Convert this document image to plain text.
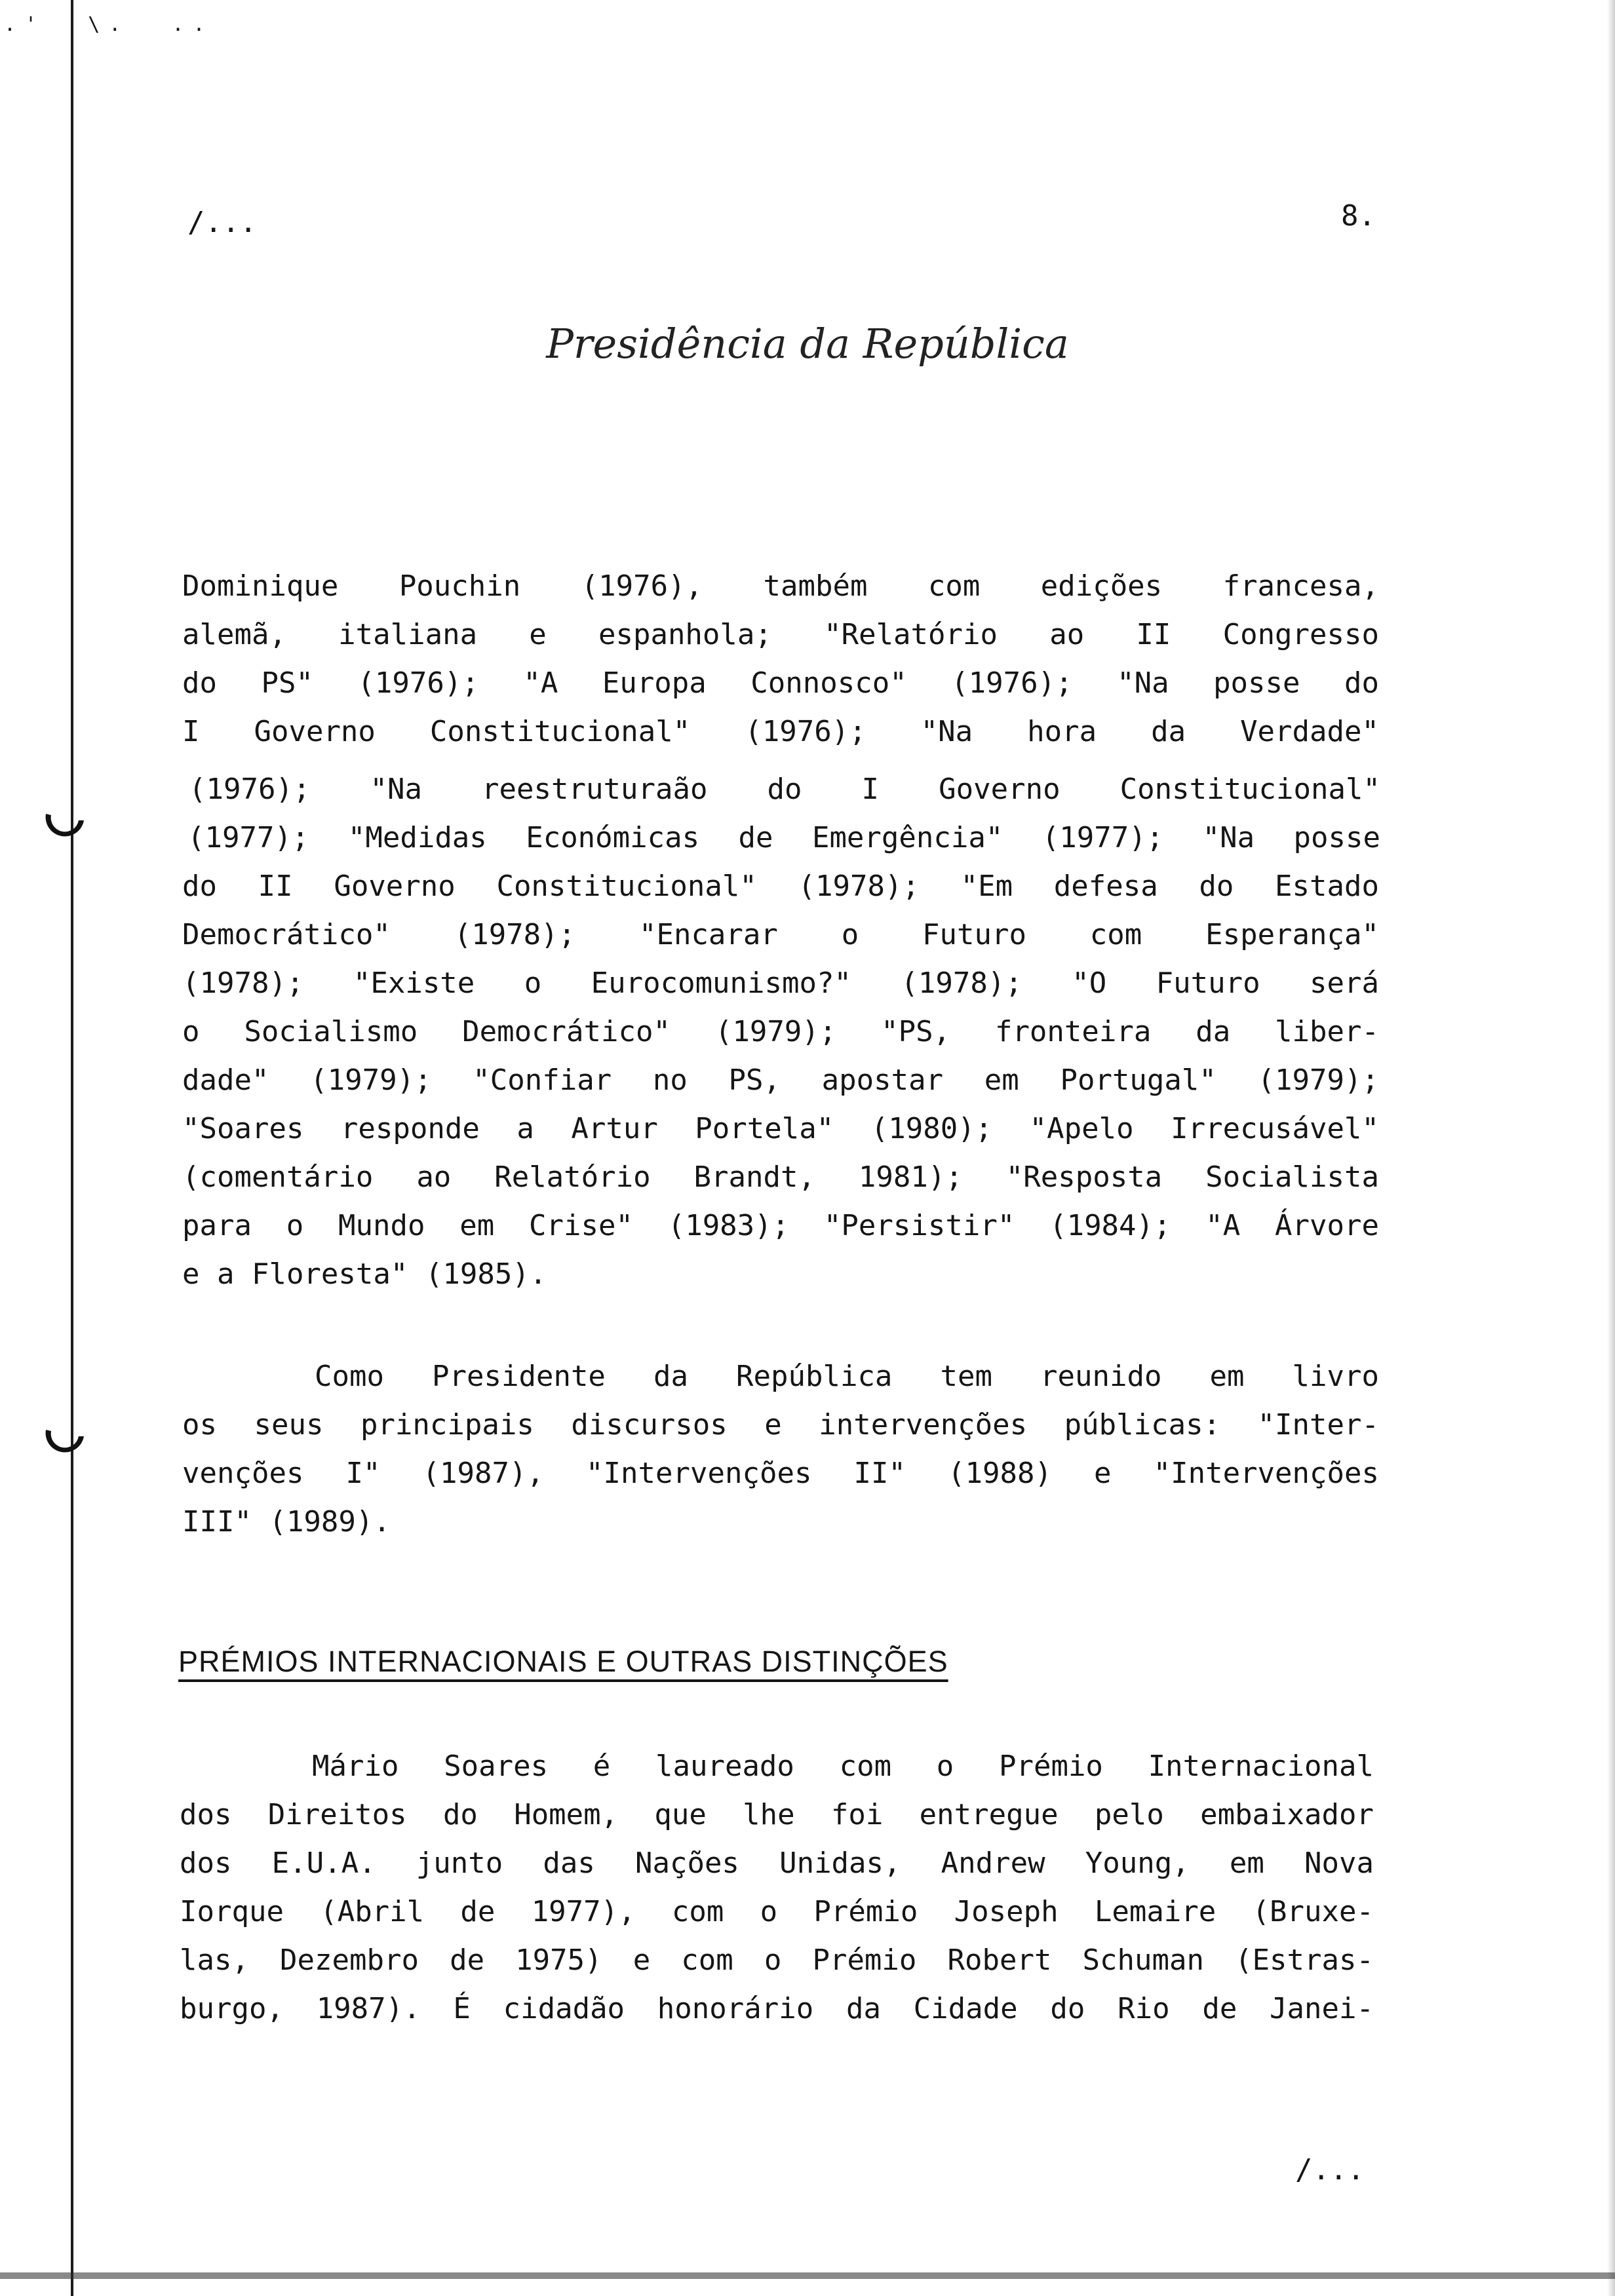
.'  \.  ..
/...	8.
Presidência da República
Dominique Pouchin (1976), também com edições francesa,
alemã, italiana e espanhola; "Relatório ao II Congresso
do PS" (1976); "A Europa Connosco" (1976); "Na posse do
I Governo Constitucional" (1976); "Na hora da Verdade"
(1976); "Na reestruturaão do I Governo Constitucional"
(1977); "Medidas Económicas de Emergência" (1977); "Na posse
do II Governo Constitucional" (1978); "Em defesa do Estado
Democrático" (1978); "Encarar o Futuro com Esperança"
(1978); "Existe o Eurocomunismo?" (1978); "O Futuro será
o Socialismo Democrático" (1979); "PS, fronteira da liber-
dade" (1979); "Confiar no PS, apostar em Portugal" (1979);
"Soares responde a Artur Portela" (1980); "Apelo Irrecusável"
(comentário ao Relatório Brandt, 1981); "Resposta Socialista
para o Mundo em Crise" (1983); "Persistir" (1984); "A Árvore
e a Floresta" (1985).
Como Presidente da República tem reunido em livro
os seus principais discursos e intervenções públicas: "Inter-
venções I" (1987), "Intervenções II" (1988) e "Intervenções
III" (1989).
PRÉMIOS INTERNACIONAIS E OUTRAS DISTINÇÕES
Mário Soares é laureado com o Prémio Internacional
dos Direitos do Homem, que lhe foi entregue pelo embaixador
dos E.U.A. junto das Nações Unidas, Andrew Young, em Nova
Iorque (Abril de 1977), com o Prémio Joseph Lemaire (Bruxe-
las, Dezembro de 1975) e com o Prémio Robert Schuman (Estras-
burgo, 1987). É cidadão honorário da Cidade do Rio de Janei-
/...
